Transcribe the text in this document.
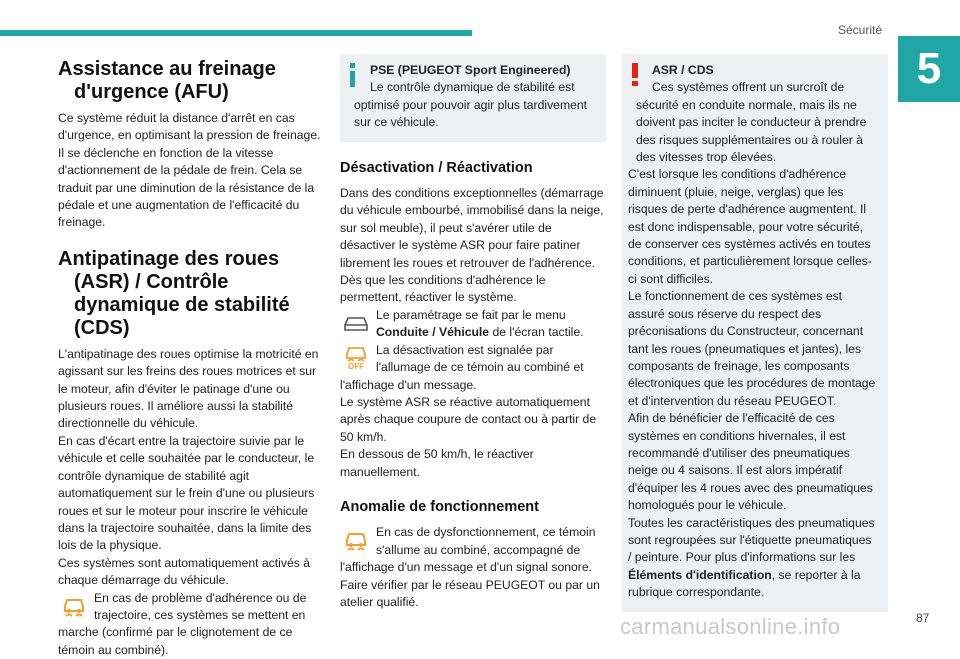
Sécurité
5
Assistance au freinage d'urgence (AFU)

Ce système réduit la distance d'arrêt en cas d'urgence, en optimisant la pression de freinage. Il se déclenche en fonction de la vitesse d'actionnement de la pédale de frein. Cela se traduit par une diminution de la résistance de la pédale et une augmentation de l'efficacité du freinage.

Antipatinage des roues (ASR) / Contrôle dynamique de stabilité (CDS)

L'antipatinage des roues optimise la motricité en agissant sur les freins des roues motrices et sur le moteur, afin d'éviter le patinage d'une ou plusieurs roues. Il améliore aussi la stabilité directionnelle du véhicule.
En cas d'écart entre la trajectoire suivie par le véhicule et celle souhaitée par le conducteur, le contrôle dynamique de stabilité agit automatiquement sur le frein d'une ou plusieurs roues et sur le moteur pour inscrire le véhicule dans la trajectoire souhaitée, dans la limite des lois de la physique.
Ces systèmes sont automatiquement activés à chaque démarrage du véhicule.

En cas de problème d'adhérence ou de trajectoire, ces systèmes se mettent en marche (confirmé par le clignotement de ce témoin au combiné).

PSE (PEUGEOT Sport Engineered)

Le contrôle dynamique de stabilité est optimisé pour pouvoir agir plus tardivement sur ce véhicule.

Désactivation / Réactivation

Dans des conditions exceptionnelles (démarrage du véhicule embourbé, immobilisé dans la neige, sur sol meuble), il peut s'avérer utile de désactiver le système ASR pour faire patiner librement les roues et retrouver de l'adhérence.
Dès que les conditions d'adhérence le permettent, réactiver le système.

Le paramétrage se fait par le menu Conduite / Véhicule de l'écran tactile.
OFF
La désactivation est signalée par l'allumage de ce témoin au combiné et l'affichage d'un message.

Le système ASR se réactive automatiquement après chaque coupure de contact ou à partir de 50 km/h.
En dessous de 50 km/h, le réactiver manuellement.

Anomalie de fonctionnement
En cas de dysfonctionnement, ce témoin s'allume au combiné, accompagné de l'affichage d'un message et d'un signal sonore. Faire vérifier par le réseau PEUGEOT ou par un atelier qualifié.

ASR / CDS

Ces systèmes offrent un surcroît de sécurité en conduite normale, mais ils ne doivent pas inciter le conducteur à prendre des risques supplémentaires ou à rouler à des vitesses trop élevées.

C'est lorsque les conditions d'adhérence diminuent (pluie, neige, verglas) que les risques de perte d'adhérence augmentent. Il est donc indispensable, pour votre sécurité, de conserver ces systèmes activés en toutes conditions, et particulièrement lorsque celles-ci sont difficiles.
Le fonctionnement de ces systèmes est assuré sous réserve du respect des préconisations du Constructeur, concernant tant les roues (pneumatiques et jantes), les composants de freinage, les composants électroniques que les procédures de montage et d'intervention du réseau PEUGEOT.
Afin de bénéficier de l'efficacité de ces systèmes en conditions hivernales, il est recommandé d'utiliser des pneumatiques neige ou 4 saisons. Il est alors impératif d'équiper les 4 roues avec des pneumatiques homologués pour le véhicule.
Toutes les caractéristiques des pneumatiques sont regroupées sur l'étiquette pneumatiques / peinture. Pour plus d'informations sur les Éléments d'identification, se reporter à la rubrique correspondante.

carmanualsonline.info	87
